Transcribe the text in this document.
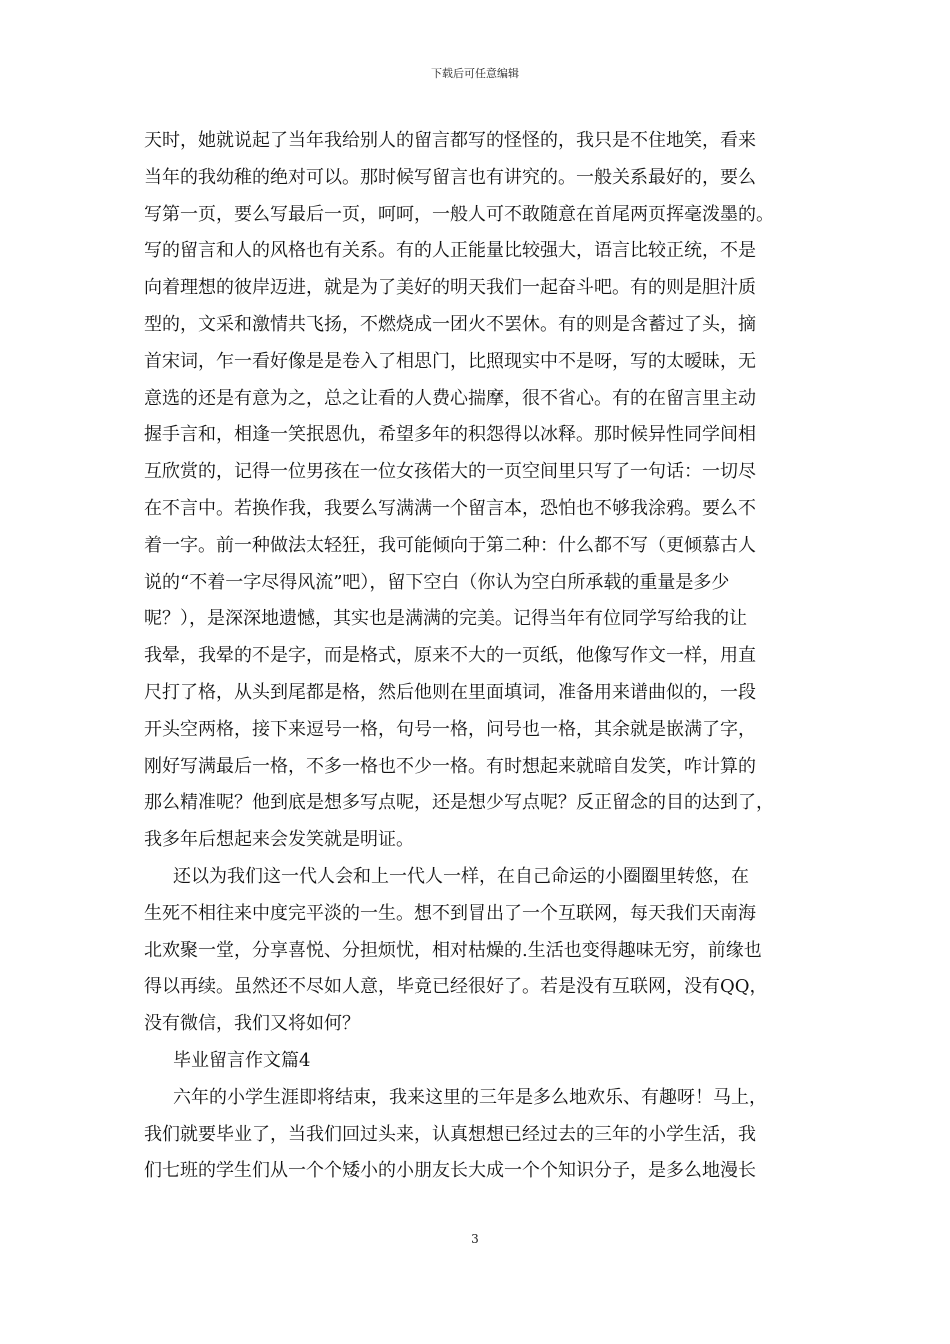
下载后可任意编辑
天时，她就说起了当年我给别人的留言都写的怪怪的，我只是不住地笑，看来
当年的我幼稚的绝对可以。那时候写留言也有讲究的。一般关系最好的，要么
写第一页，要么写最后一页，呵呵，一般人可不敢随意在首尾两页挥毫泼墨的。
写的留言和人的风格也有关系。有的人正能量比较强大，语言比较正统，不是
向着理想的彼岸迈进，就是为了美好的明天我们一起奋斗吧。有的则是胆汁质
型的，文采和激情共飞扬，不燃烧成一团火不罢休。有的则是含蓄过了头，摘
首宋词，乍一看好像是是卷入了相思门，比照现实中不是呀，写的太暧昧，无
意选的还是有意为之，总之让看的人费心揣摩，很不省心。有的在留言里主动
握手言和，相逢一笑抿恩仇，希望多年的积怨得以冰释。那时候异性同学间相
互欣赏的，记得一位男孩在一位女孩偌大的一页空间里只写了一句话：一切尽
在不言中。若换作我，我要么写满满一个留言本，恐怕也不够我涂鸦。要么不
着一字。前一种做法太轻狂，我可能倾向于第二种：什么都不写（更倾慕古人
说的“不着一字尽得风流”吧），留下空白（你认为空白所承载的重量是多少
呢？），是深深地遗憾，其实也是满满的完美。记得当年有位同学写给我的让
我晕，我晕的不是字，而是格式，原来不大的一页纸，他像写作文一样，用直
尺打了格，从头到尾都是格，然后他则在里面填词，准备用来谱曲似的，一段
开头空两格，接下来逗号一格，句号一格，问号也一格，其余就是嵌满了字，
刚好写满最后一格，不多一格也不少一格。有时想起来就暗自发笑，咋计算的
那么精准呢？他到底是想多写点呢，还是想少写点呢？反正留念的目的达到了，
我多年后想起来会发笑就是明证。
还以为我们这一代人会和上一代人一样，在自己命运的小圈圈里转悠，在
生死不相往来中度完平淡的一生。想不到冒出了一个互联网，每天我们天南海
北欢聚一堂，分享喜悦、分担烦忧，相对枯燥的.生活也变得趣味无穷，前缘也
得以再续。虽然还不尽如人意，毕竟已经很好了。若是没有互联网，没有QQ，
没有微信，我们又将如何？
毕业留言作文篇4
六年的小学生涯即将结束，我来这里的三年是多么地欢乐、有趣呀！马上，
我们就要毕业了，当我们回过头来，认真想想已经过去的三年的小学生活，我
们七班的学生们从一个个矮小的小朋友长大成一个个知识分子，是多么地漫长
3
